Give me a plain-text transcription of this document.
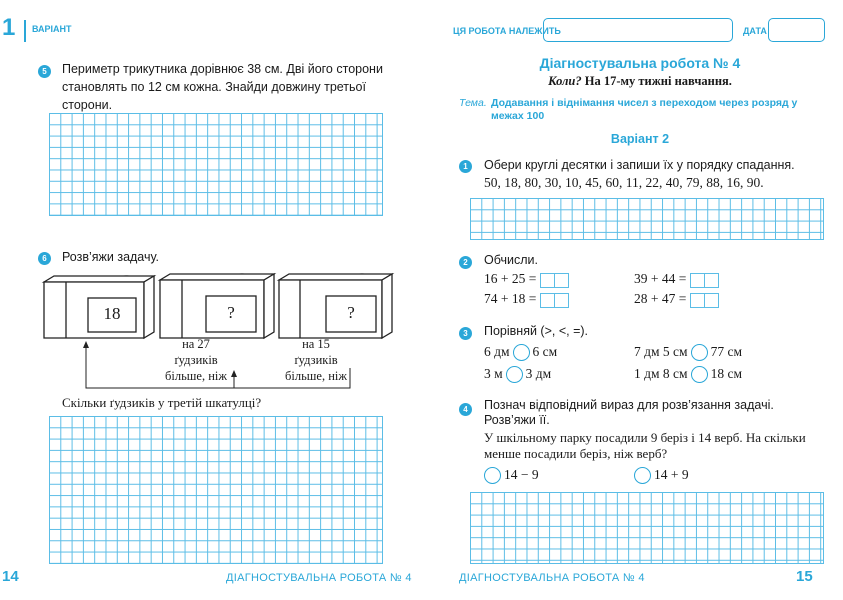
1 ВАРІАНТ
5	Периметр трикутника дорівнює 38 см. Дві його сторони становлять по 12 см кожна. Знайди довжину третьої сторони.
6	Розв’яжи задачу.
18	?	?
на 27 ґудзиків більше, ніж
на 15 ґудзиків більше, ніж
Скільки ґудзиків у третій шкатулці?
14	ДІАГНОСТУВАЛЬНА РОБОТА № 4
ЦЯ РОБОТА НАЛЕЖИТЬ	ДАТА
Діагностувальна робота № 4
Коли? На 17-му тижні навчання.
Тема. Додавання і віднімання чисел з переходом через розряд у межах 100
Варіант 2
1	Обери круглі десятки і запиши їх у порядку спадання.
50, 18, 80, 30, 10, 45, 60, 11, 22, 40, 79, 88, 16, 90.
2	Обчисли.
16 + 25 =	39 + 44 =
74 + 18 =	28 + 47 =
3	Порівняй (>, <, =).
6 дм 6 см	7 дм 5 см 77 см
3 м 3 дм	1 дм 8 см 18 см
4	Познач відповідний вираз для розв’язання задачі. Розв’яжи її.
У шкільному парку посадили 9 беріз і 14 верб. На скільки менше посадили беріз, ніж верб?
14 − 9	14 + 9
ДІАГНОСТУВАЛЬНА РОБОТА № 4	15
